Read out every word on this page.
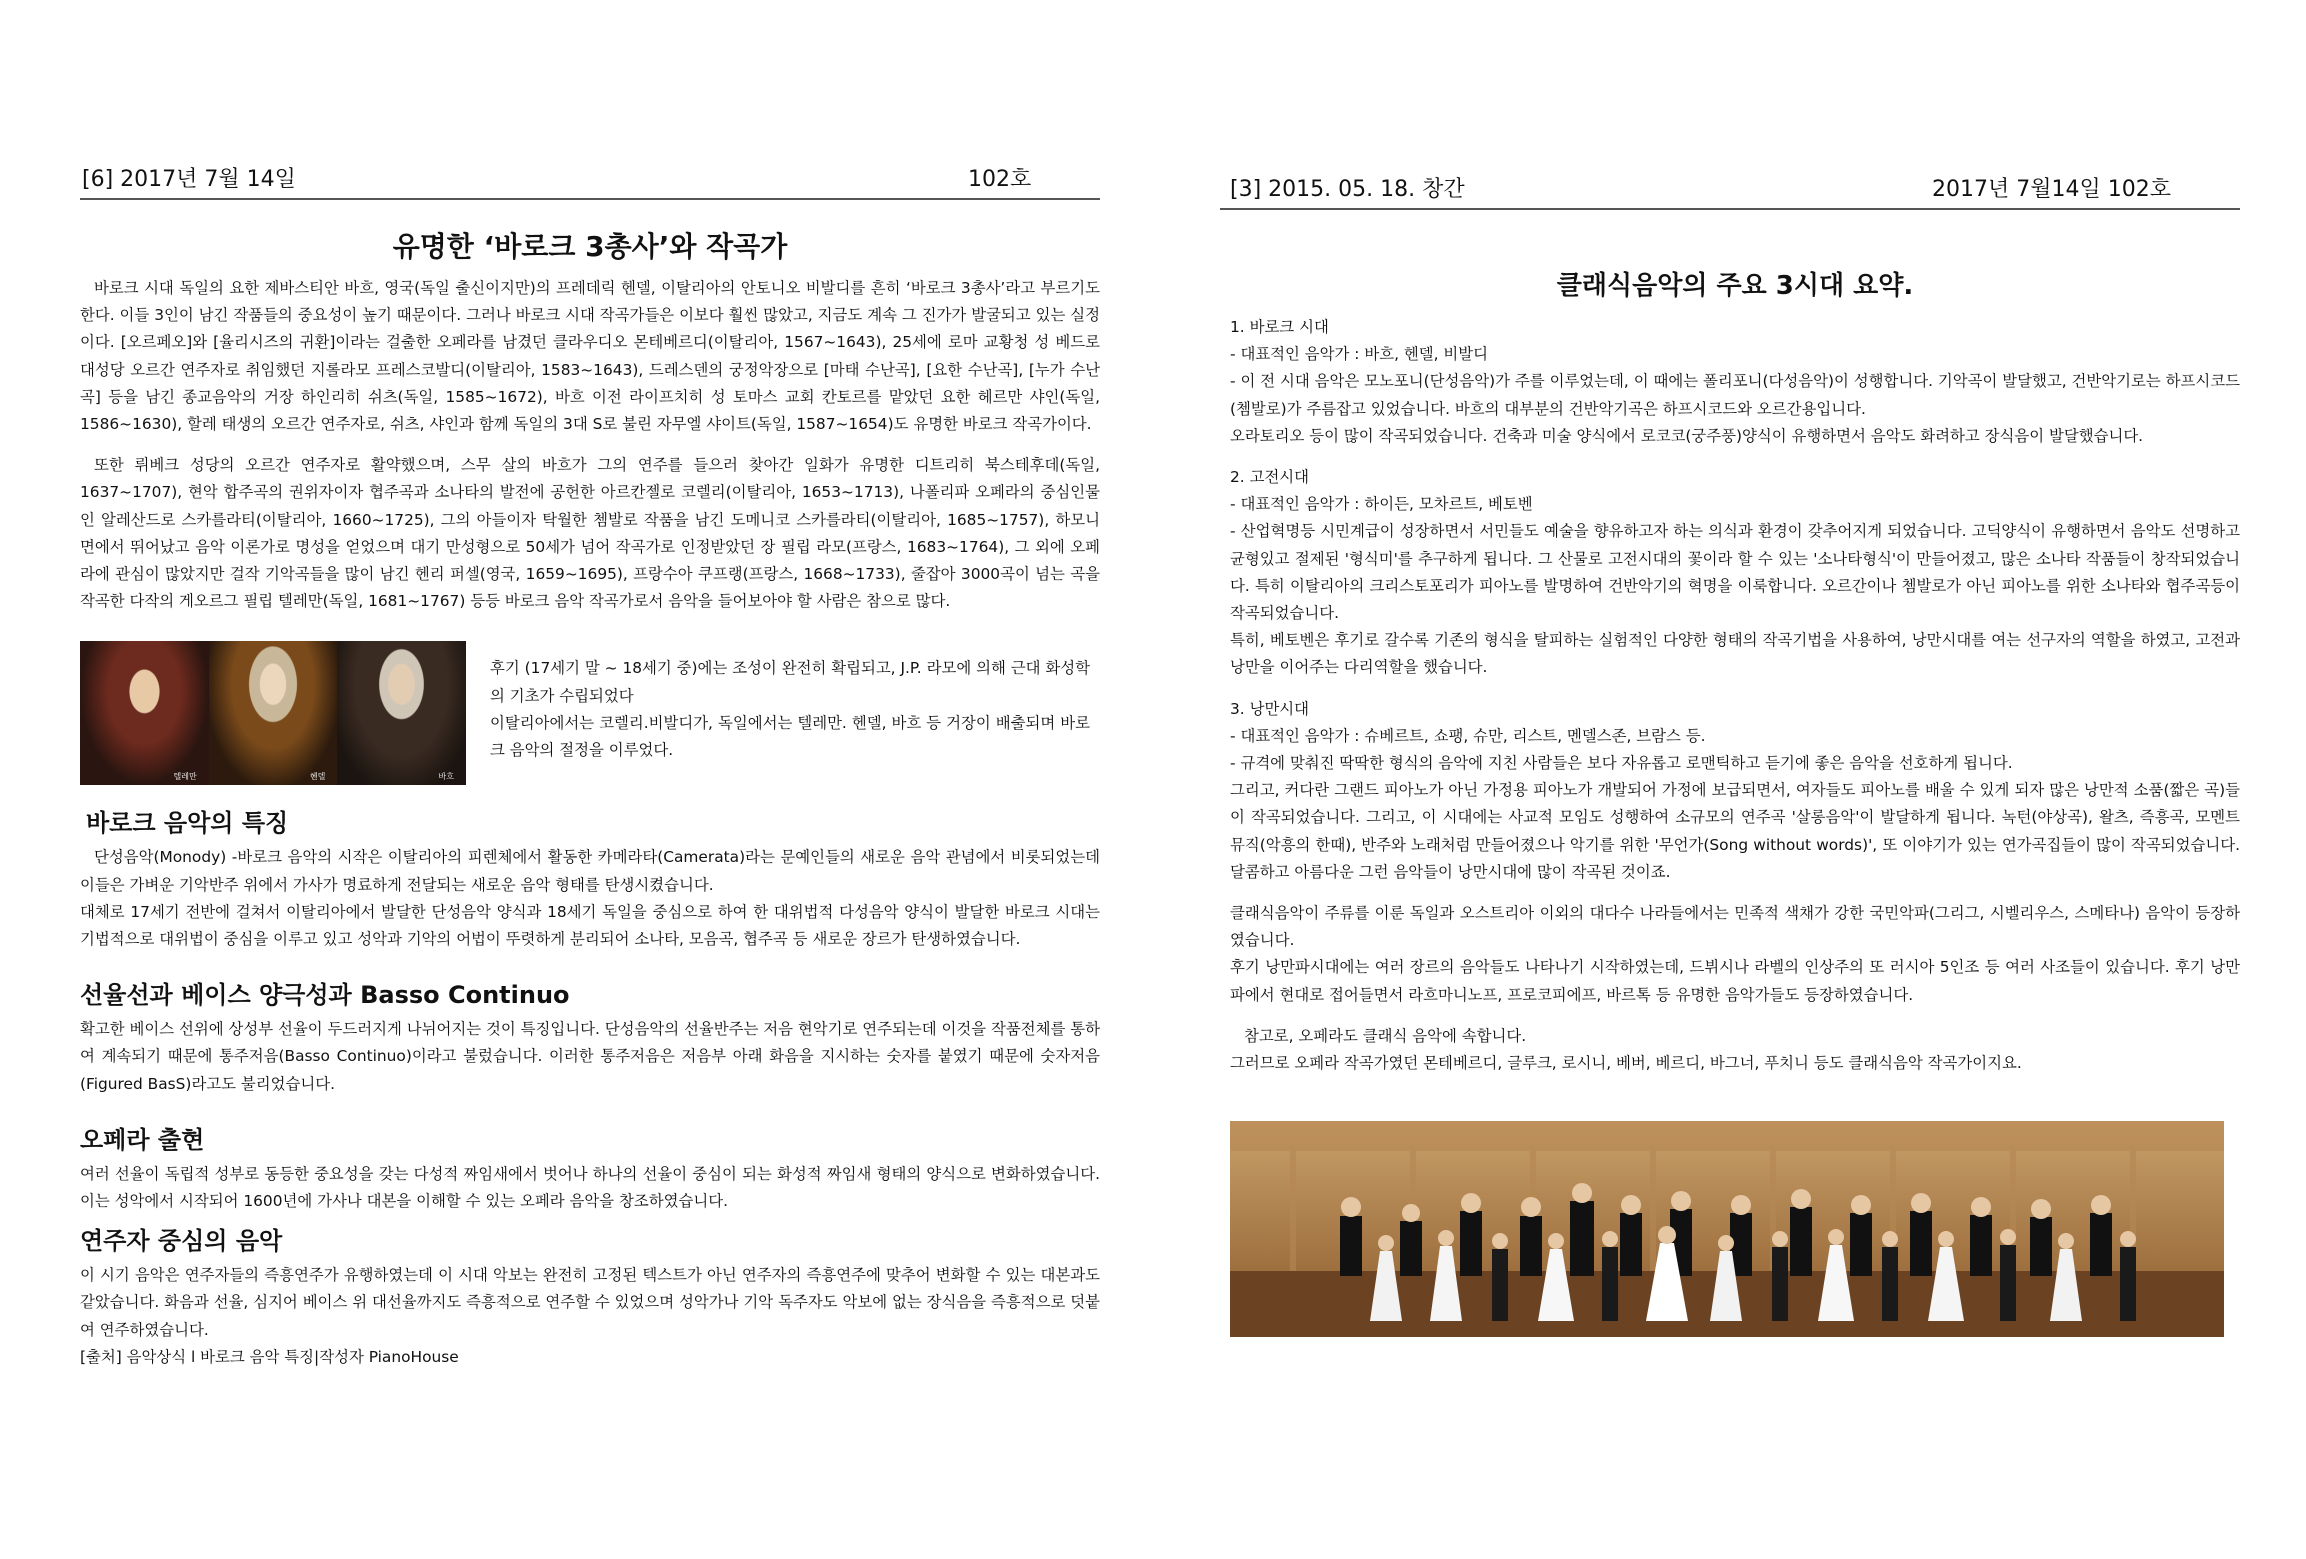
[6] 2017년 7월 14일	102호
유명한 ‘바로크 3총사’와 작곡가

바로크 시대 독일의 요한 제바스티안 바흐, 영국(독일 출신이지만)의 프레데릭 헨델, 이탈리아의 안토니오 비발디를 흔히 ‘바로크 3총사’라고 부르기도 한다. 이들 3인이 남긴 작품들의 중요성이 높기 때문이다. 그러나 바로크 시대 작곡가들은 이보다 훨씬 많았고, 지금도 계속 그 진가가 발굴되고 있는 실정이다. [오르페오]와 [율리시즈의 귀환]이라는 걸출한 오페라를 남겼던 클라우디오 몬테베르디(이탈리아, 1567~1643), 25세에 로마 교황청 성 베드로 대성당 오르간 연주자로 취임했던 지롤라모 프레스코발디(이탈리아, 1583~1643), 드레스덴의 궁정악장으로 [마태 수난곡], [요한 수난곡], [누가 수난곡] 등을 남긴 종교음악의 거장 하인리히 쉬츠(독일, 1585~1672), 바흐 이전 라이프치히 성 토마스 교회 칸토르를 맡았던 요한 헤르만 샤인(독일, 1586~1630), 할레 태생의 오르간 연주자로, 쉬츠, 샤인과 함께 독일의 3대 S로 불린 자무엘 샤이트(독일, 1587~1654)도 유명한 바로크 작곡가이다.

또한 뤼베크 성당의 오르간 연주자로 활약했으며, 스무 살의 바흐가 그의 연주를 들으러 찾아간 일화가 유명한 디트리히 북스테후데(독일, 1637~1707), 현악 합주곡의 권위자이자 협주곡과 소나타의 발전에 공헌한 아르칸젤로 코렐리(이탈리아, 1653~1713), 나폴리파 오페라의 중심인물인 알레산드로 스카를라티(이탈리아, 1660~1725), 그의 아들이자 탁월한 쳄발로 작품을 남긴 도메니코 스카를라티(이탈리아, 1685~1757), 하모니 면에서 뛰어났고 음악 이론가로 명성을 얻었으며 대기 만성형으로 50세가 넘어 작곡가로 인정받았던 장 필립 라모(프랑스, 1683~1764), 그 외에 오페라에 관심이 많았지만 걸작 기악곡들을 많이 남긴 헨리 퍼셀(영국, 1659~1695), 프랑수아 쿠프랭(프랑스, 1668~1733), 줄잡아 3000곡이 넘는 곡을 작곡한 다작의 게오르그 필립 텔레만(독일, 1681~1767) 등등 바로크 음악 작곡가로서 음악을 들어보아야 할 사람은 참으로 많다.

텔레만	헨델	바흐

후기 (17세기 말 ~ 18세기 중)에는 조성이 완전히 확립되고, J.P. 라모에 의해 근대 화성학의 기초가 수립되었다

이탈리아에서는 코렐리.비발디가, 독일에서는 텔레만. 헨델, 바흐 등 거장이 배출되며 바로크 음악의 절정을 이루었다.

바로크 음악의 특징

단성음악(Monody) -바로크 음악의 시작은 이탈리아의 피렌체에서 활동한 카메라타(Camerata)라는 문예인들의 새로운 음악 관념에서 비롯되었는데 이들은 가벼운 기악반주 위에서 가사가 명료하게 전달되는 새로운 음악 형태를 탄생시켰습니다.

대체로 17세기 전반에 걸쳐서 이탈리아에서 발달한 단성음악 양식과 18세기 독일을 중심으로 하여 한 대위법적 다성음악 양식이 발달한 바로크 시대는 기법적으로 대위법이 중심을 이루고 있고 성악과 기악의 어법이 뚜렷하게 분리되어 소나타, 모음곡, 협주곡 등 새로운 장르가 탄생하였습니다.

선율선과 베이스 양극성과 Basso Continuo

확고한 베이스 선위에 상성부 선율이 두드러지게 나뉘어지는 것이 특징입니다. 단성음악의 선율반주는 저음 현악기로 연주되는데 이것을 작품전체를 통하여 계속되기 때문에 통주저음(Basso Continuo)이라고 불렀습니다. 이러한 통주저음은 저음부 아래 화음을 지시하는 숫자를 붙였기 때문에 숫자저음(Figured BasS)라고도 불리었습니다.

오페라 출현

여러 선율이 독립적 성부로 동등한 중요성을 갖는 다성적 짜임새에서 벗어나 하나의 선율이 중심이 되는 화성적 짜임새 형태의 양식으로 변화하였습니다. 이는 성악에서 시작되어 1600년에 가사나 대본을 이해할 수 있는 오페라 음악을 창조하였습니다.

연주자 중심의 음악

이 시기 음악은 연주자들의 즉흥연주가 유행하였는데 이 시대 악보는 완전히 고정된 텍스트가 아닌 연주자의 즉흥연주에 맞추어 변화할 수 있는 대본과도 같았습니다. 화음과 선율, 심지어 베이스 위 대선율까지도 즉흥적으로 연주할 수 있었으며 성악가나 기악 독주자도 악보에 없는 장식음을 즉흥적으로 덧붙여 연주하였습니다.

[출처] 음악상식 l 바로크 음악 특징|작성자 PianoHouse

[3] 2015. 05. 18. 창간	2017년 7월14일 102호
클래식음악의 주요 3시대 요약.

1. 바로크 시대

- 대표적인 음악가 : 바흐, 헨델, 비발디

- 이 전 시대 음악은 모노포니(단성음악)가 주를 이루었는데, 이 때에는 폴리포니(다성음악)이 성행합니다. 기악곡이 발달했고, 건반악기로는 하프시코드(쳄발로)가 주름잡고 있었습니다. 바흐의 대부분의 건반악기곡은 하프시코드와 오르간용입니다.

오라토리오 등이 많이 작곡되었습니다. 건축과 미술 양식에서 로코코(궁주풍)양식이 유행하면서 음악도 화려하고 장식음이 발달했습니다.

2. 고전시대

- 대표적인 음악가 : 하이든, 모차르트, 베토벤

- 산업혁명등 시민계급이 성장하면서 서민들도 예술을 향유하고자 하는 의식과 환경이 갖추어지게 되었습니다. 고딕양식이 유행하면서 음악도 선명하고 균형있고 절제된 '형식미'를 추구하게 됩니다. 그 산물로 고전시대의 꽃이라 할 수 있는 '소나타형식'이 만들어졌고, 많은 소나타 작품들이 창작되었습니다. 특히 이탈리아의 크리스토포리가 피아노를 발명하여 건반악기의 혁명을 이룩합니다. 오르간이나 쳄발로가 아닌 피아노를 위한 소나타와 협주곡등이 작곡되었습니다.

특히, 베토벤은 후기로 갈수록 기존의 형식을 탈피하는 실험적인 다양한 형태의 작곡기법을 사용하여, 낭만시대를 여는 선구자의 역할을 하였고, 고전과 낭만을 이어주는 다리역할을 했습니다.

3. 낭만시대

- 대표적인 음악가 : 슈베르트, 쇼팽, 슈만, 리스트, 멘델스존, 브람스 등.

- 규격에 맞춰진 딱딱한 형식의 음악에 지친 사람들은 보다 자유롭고 로맨틱하고 듣기에 좋은 음악을 선호하게 됩니다.

그리고, 커다란 그랜드 피아노가 아닌 가정용 피아노가 개발되어 가정에 보급되면서, 여자들도 피아노를 배울 수 있게 되자 많은 낭만적 소품(짧은 곡)들이 작곡되었습니다. 그리고, 이 시대에는 사교적 모임도 성행하여 소규모의 연주곡 '살롱음악'이 발달하게 됩니다. 녹턴(야상곡), 왈츠, 즉흥곡, 모멘트 뮤직(악흥의 한때), 반주와 노래처럼 만들어졌으나 악기를 위한 '무언가(Song without words)', 또 이야기가 있는 연가곡집들이 많이 작곡되었습니다. 달콤하고 아름다운 그런 음악들이 낭만시대에 많이 작곡된 것이죠.

클래식음악이 주류를 이룬 독일과 오스트리아 이외의 대다수 나라들에서는 민족적 색채가 강한 국민악파(그리그, 시벨리우스, 스메타나) 음악이 등장하였습니다.

후기 낭만파시대에는 여러 장르의 음악들도 나타나기 시작하였는데, 드뷔시나 라벨의 인상주의 또 러시아 5인조 등 여러 사조들이 있습니다. 후기 낭만파에서 현대로 접어들면서 라흐마니노프, 프로코피에프, 바르톡 등 유명한 음악가들도 등장하였습니다.

참고로, 오페라도 클래식 음악에 속합니다.

그러므로 오페라 작곡가였던 몬테베르디, 글루크, 로시니, 베버, 베르디, 바그너, 푸치니 등도 클래식음악 작곡가이지요.
